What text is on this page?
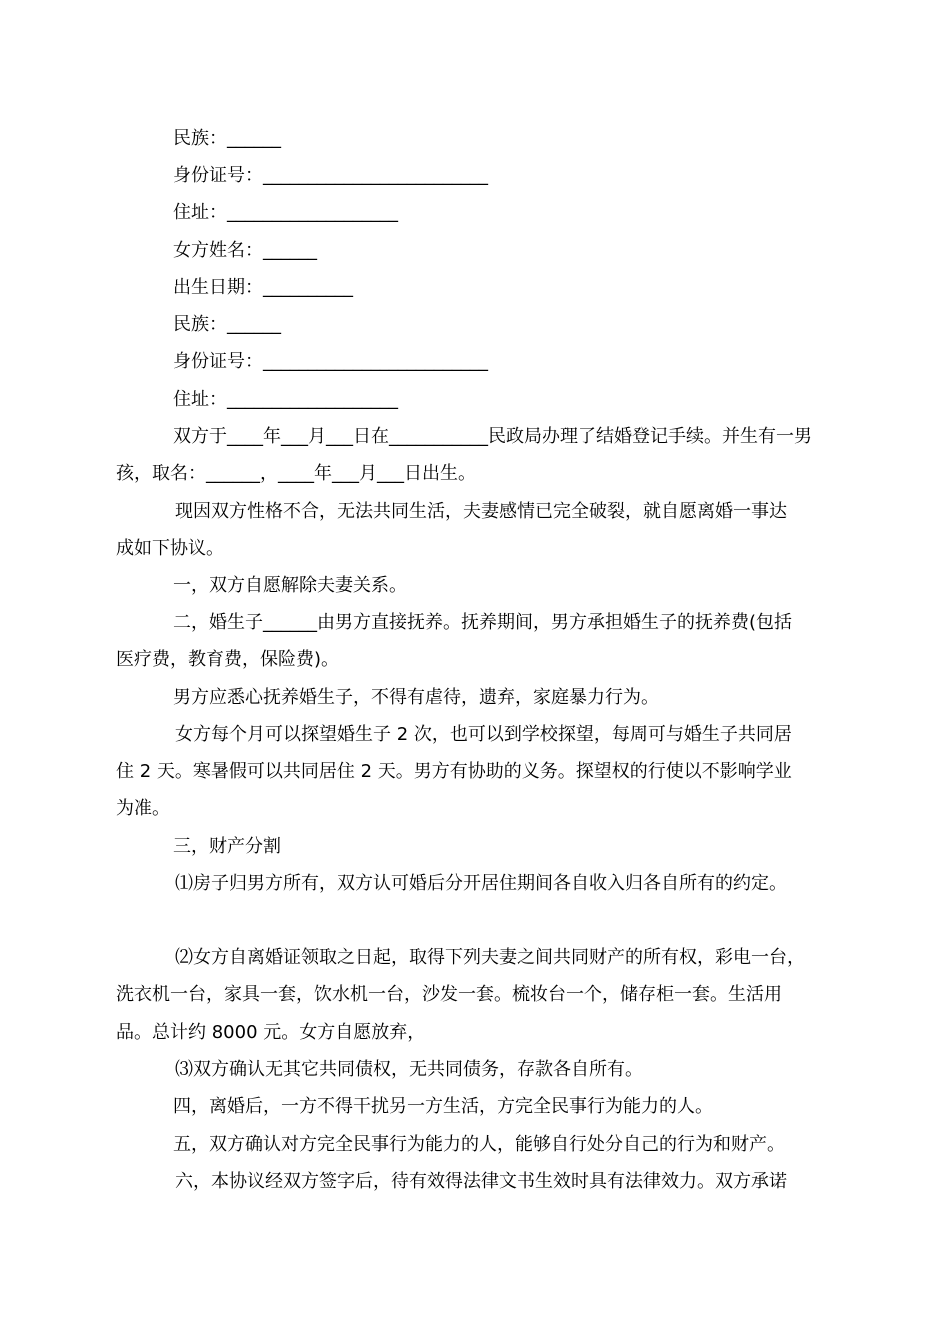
民族：______
身份证号：_________________________
住址：___________________
女方姓名：______
出生日期：__________
民族：______
身份证号：_________________________
住址：___________________
双方于____年___月___日在___________民政局办理了结婚登记手续。并生有一男
孩，取名：______，____年___月___日出生。
现因双方性格不合，无法共同生活，夫妻感情已完全破裂，就自愿离婚一事达
成如下协议。
一，双方自愿解除夫妻关系。
二，婚生子______由男方直接抚养。抚养期间，男方承担婚生子的抚养费(包括
医疗费，教育费，保险费)。
男方应悉心抚养婚生子，不得有虐待，遗弃，家庭暴力行为。
女方每个月可以探望婚生子 2 次，也可以到学校探望，每周可与婚生子共同居
住 2 天。寒暑假可以共同居住 2 天。男方有协助的义务。探望权的行使以不影响学业
为准。
三，财产分割
⑴房子归男方所有，双方认可婚后分开居住期间各自收入归各自所有的约定。
⑵女方自离婚证领取之日起，取得下列夫妻之间共同财产的所有权，彩电一台，
洗衣机一台，家具一套，饮水机一台，沙发一套。梳妆台一个，储存柜一套。生活用
品。总计约 8000 元。女方自愿放弃，
⑶双方确认无其它共同债权，无共同债务，存款各自所有。
四，离婚后，一方不得干扰另一方生活，方完全民事行为能力的人。
五，双方确认对方完全民事行为能力的人，能够自行处分自己的行为和财产。
六，本协议经双方签字后，待有效得法律文书生效时具有法律效力。双方承诺
